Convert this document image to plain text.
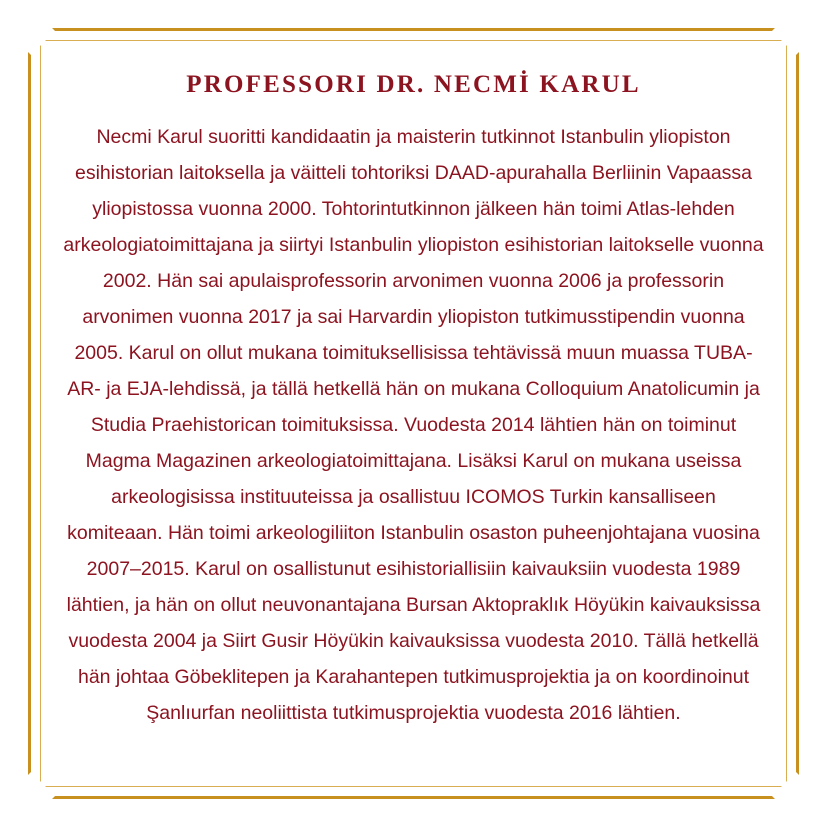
PROFESSORI DR. NECMİ KARUL

Necmi Karul suoritti kandidaatin ja maisterin tutkinnot Istanbulin yliopiston esihistorian laitoksella ja väitteli tohtoriksi DAAD-apurahalla Berliinin Vapaassa yliopistossa vuonna 2000. Tohtorintutkinnon jälkeen hän toimi Atlas-lehden arkeologiatoimittajana ja siirtyi Istanbulin yliopiston esihistorian laitokselle vuonna 2002. Hän sai apulaisprofessorin arvonimen vuonna 2006 ja professorin arvonimen vuonna 2017 ja sai Harvardin yliopiston tutkimusstipendin vuonna 2005. Karul on ollut mukana toimituksellisissa tehtävissä muun muassa TUBA-AR- ja EJA-lehdissä, ja tällä hetkellä hän on mukana Colloquium Anatolicumin ja Studia Praehistorican toimituksissa. Vuodesta 2014 lähtien hän on toiminut Magma Magazinen arkeologiatoimittajana. Lisäksi Karul on mukana useissa arkeologisissa instituuteissa ja osallistuu ICOMOS Turkin kansalliseen komiteaan. Hän toimi arkeologiliiton Istanbulin osaston puheenjohtajana vuosina 2007–2015. Karul on osallistunut esihistoriallisiin kaivauksiin vuodesta 1989 lähtien, ja hän on ollut neuvonantajana Bursan Aktopraklık Höyükin kaivauksissa vuodesta 2004 ja Siirt Gusir Höyükin kaivauksissa vuodesta 2010. Tällä hetkellä hän johtaa Göbeklitepen ja Karahantepen tutkimusprojektia ja on koordinoinut Şanlıurfan neoliittista tutkimusprojektia vuodesta 2016 lähtien.
